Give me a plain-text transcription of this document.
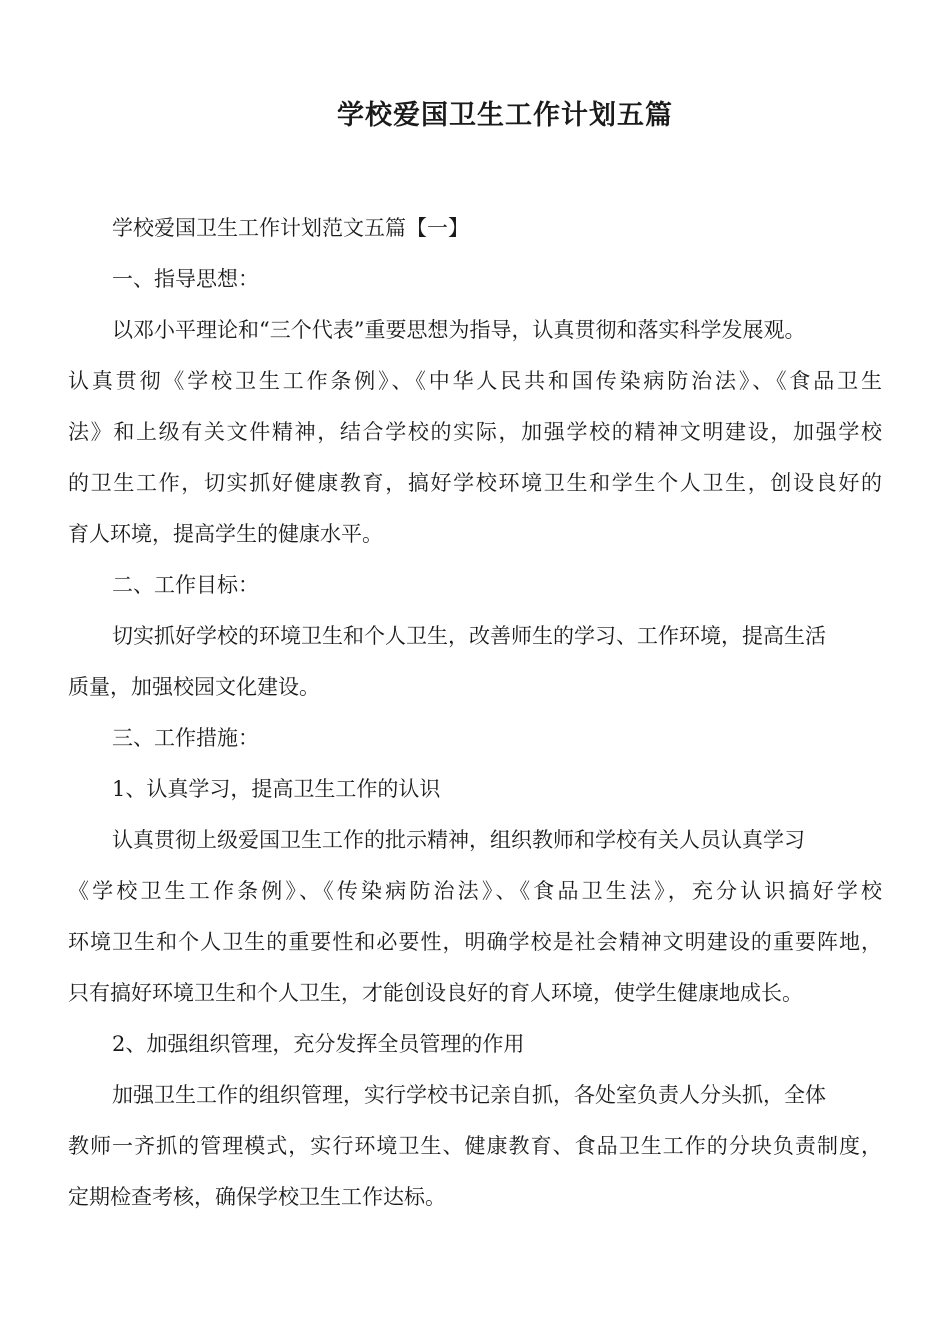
学校爱国卫生工作计划五篇

学校爱国卫生工作计划范文五篇【一】

一、指导思想：

以邓小平理论和“三个代表”重要思想为指导，认真贯彻和落实科学发展观。

认真贯彻《学校卫生工作条例》、《中华人民共和国传染病防治法》、《食品卫生

法》和上级有关文件精神，结合学校的实际，加强学校的精神文明建设，加强学校

的卫生工作，切实抓好健康教育，搞好学校环境卫生和学生个人卫生，创设良好的

育人环境，提高学生的健康水平。

二、工作目标：

切实抓好学校的环境卫生和个人卫生，改善师生的学习、工作环境，提高生活

质量，加强校园文化建设。

三、工作措施：

1、认真学习，提高卫生工作的认识

认真贯彻上级爱国卫生工作的批示精神，组织教师和学校有关人员认真学习

《学校卫生工作条例》、《传染病防治法》、《食品卫生法》，充分认识搞好学校

环境卫生和个人卫生的重要性和必要性，明确学校是社会精神文明建设的重要阵地，

只有搞好环境卫生和个人卫生，才能创设良好的育人环境，使学生健康地成长。

2、加强组织管理，充分发挥全员管理的作用

加强卫生工作的组织管理，实行学校书记亲自抓，各处室负责人分头抓，全体

教师一齐抓的管理模式，实行环境卫生、健康教育、食品卫生工作的分块负责制度，

定期检查考核，确保学校卫生工作达标。
